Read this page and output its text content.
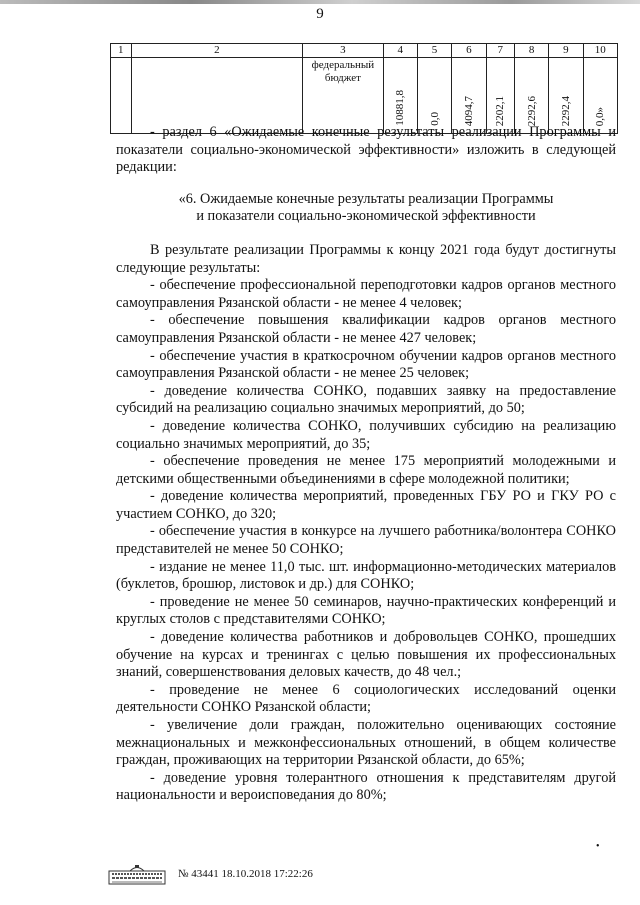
9
1	2	3	4	5	6	7	8	9	10
		федеральный бюджет	10881,8	0,0	4094,7	2202,1	2292,6	2292,4	0,0»

- раздел 6 «Ожидаемые конечные результаты реализации Программы и показатели социально-экономической эффективности» изложить в следующей редакции:

«6. Ожидаемые конечные результаты реализации Программы
и показатели социально-экономической эффективности

В результате реализации Программы к концу 2021 года будут достигнуты следующие результаты:

- обеспечение профессиональной переподготовки кадров органов местного самоуправления Рязанской области - не менее 4 человек;

- обеспечение повышения квалификации кадров органов местного самоуправления Рязанской области - не менее 427 человек;

- обеспечение участия в краткосрочном обучении кадров органов местного самоуправления Рязанской области - не менее 25 человек;

- доведение количества СОНКО, подавших заявку на предоставление субсидий на реализацию социально значимых мероприятий, до 50;

- доведение количества СОНКО, получивших субсидию на реализацию социально значимых мероприятий, до 35;

- обеспечение проведения не менее 175 мероприятий молодежными и детскими общественными объединениями в сфере молодежной политики;

- доведение количества мероприятий, проведенных ГБУ РО и ГКУ РО с участием СОНКО, до 320;

- обеспечение участия в конкурсе на лучшего работника/волонтера СОНКО представителей не менее 50 СОНКО;

- издание не менее 11,0 тыс. шт. информационно-методических материалов (буклетов, брошюр, листовок и др.) для СОНКО;

- проведение не менее 50 семинаров, научно-практических конференций и круглых столов с представителями СОНКО;

- доведение количества работников и добровольцев СОНКО, прошедших обучение на курсах и тренингах с целью повышения их профессиональных знаний, совершенствования деловых качеств, до 48 чел.;

- проведение не менее 6 социологических исследований оценки деятельности СОНКО Рязанской области;

- увеличение доли граждан, положительно оценивающих состояние межнациональных и межконфессиональных отношений, в общем количестве граждан, проживающих на территории Рязанской области, до 65%;

- доведение уровня толерантного отношения к представителям другой национальности и вероисповедания до 80%;

•
№ 43441 18.10.2018 17:22:26
